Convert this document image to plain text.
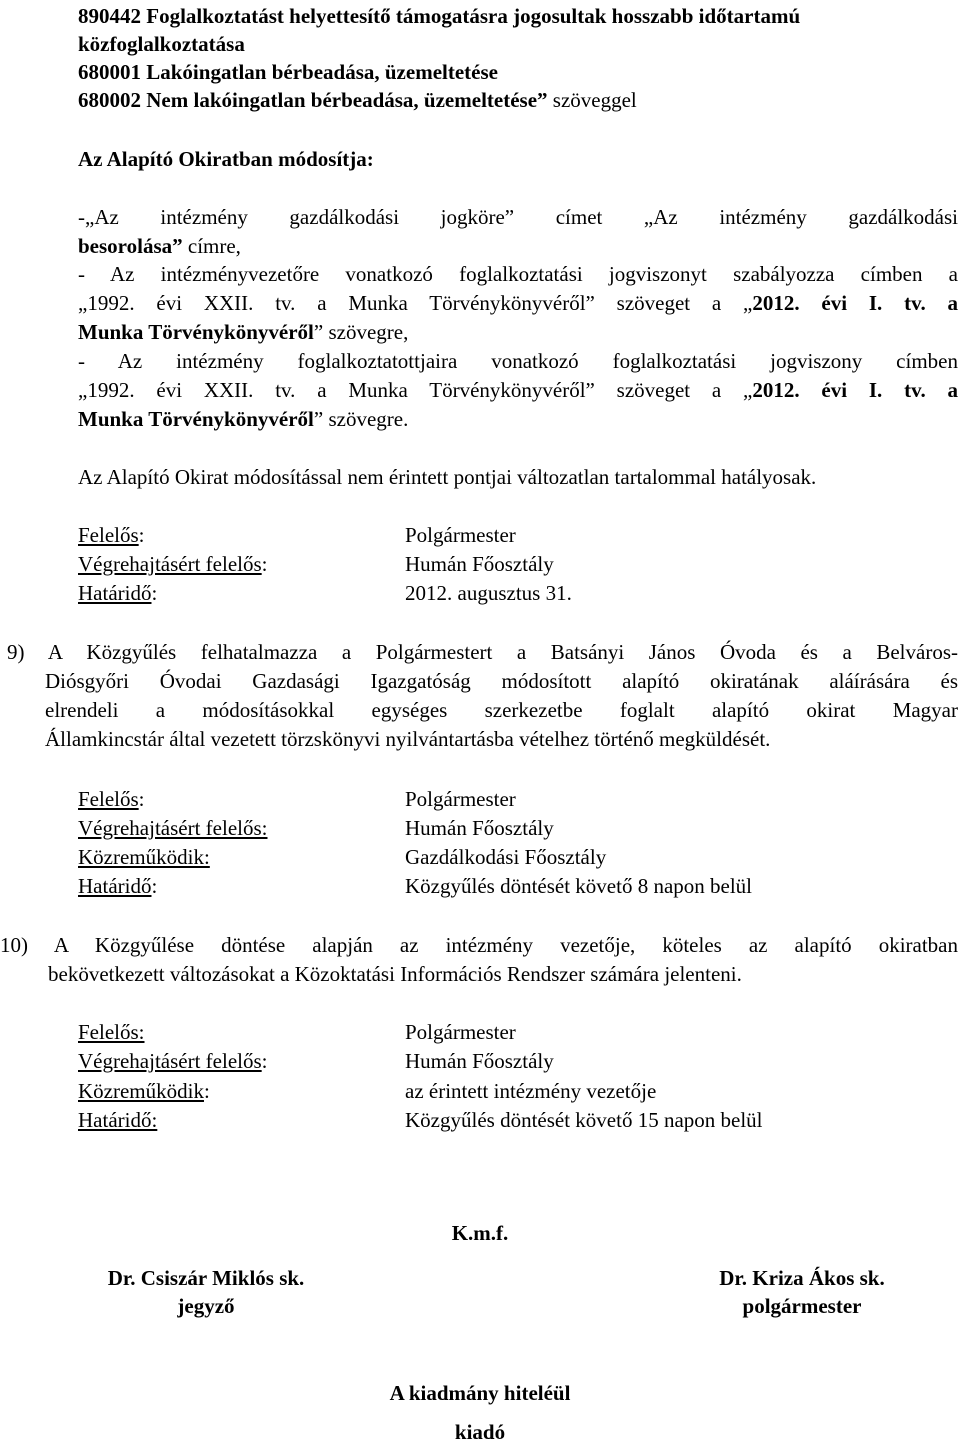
890442 Foglalkoztatást helyettesítő támogatásra jogosultak hosszabb időtartamú
közfoglalkoztatása
680001 Lakóingatlan bérbeadása, üzemeltetése
680002 Nem lakóingatlan bérbeadása, üzemeltetése” szöveggel
Az Alapító Okiratban módosítja:
-„Az intézmény gazdálkodási jogköre” címet „Az intézmény gazdálkodási
besorolása” címre,
- Az intézményvezetőre vonatkozó foglalkoztatási jogviszonyt szabályozza címben a
„1992. évi XXII. tv. a Munka Törvénykönyvéről” szöveget a „2012. évi I. tv. a
Munka Törvénykönyvéről” szövegre,
- Az intézmény foglalkoztatottjaira vonatkozó foglalkoztatási jogviszony címben
„1992. évi XXII. tv. a Munka Törvénykönyvéről” szöveget a „2012. évi I. tv. a
Munka Törvénykönyvéről” szövegre.
Az Alapító Okirat módosítással nem érintett pontjai változatlan tartalommal hatályosak.
Felelős:	Polgármester
Végrehajtásért felelős:	Humán Főosztály
Határidő:	2012. augusztus 31.
9) A Közgyűlés felhatalmazza a Polgármestert a Batsányi János Óvoda és a Belváros-
Diósgyőri Óvodai Gazdasági Igazgatóság módosított alapító okiratának aláírására és
elrendeli a módosításokkal egységes szerkezetbe foglalt alapító okirat Magyar
Államkincstár által vezetett törzskönyvi nyilvántartásba vételhez történő megküldését.
Felelős:	Polgármester
Végrehajtásért felelős:	Humán Főosztály
Közreműködik:	Gazdálkodási Főosztály
Határidő:	Közgyűlés döntését követő 8 napon belül
10) A Közgyűlése döntése alapján az intézmény vezetője, köteles az alapító okiratban
bekövetkezett változásokat a Közoktatási Információs Rendszer számára jelenteni.
Felelős:	Polgármester
Végrehajtásért felelős:	Humán Főosztály
Közreműködik:	az érintett intézmény vezetője
Határidő:	Közgyűlés döntését követő 15 napon belül
K.m.f.
Dr. Csiszár Miklós sk.
jegyző
Dr. Kriza Ákos sk.
polgármester
A kiadmány hiteléül
kiadó
